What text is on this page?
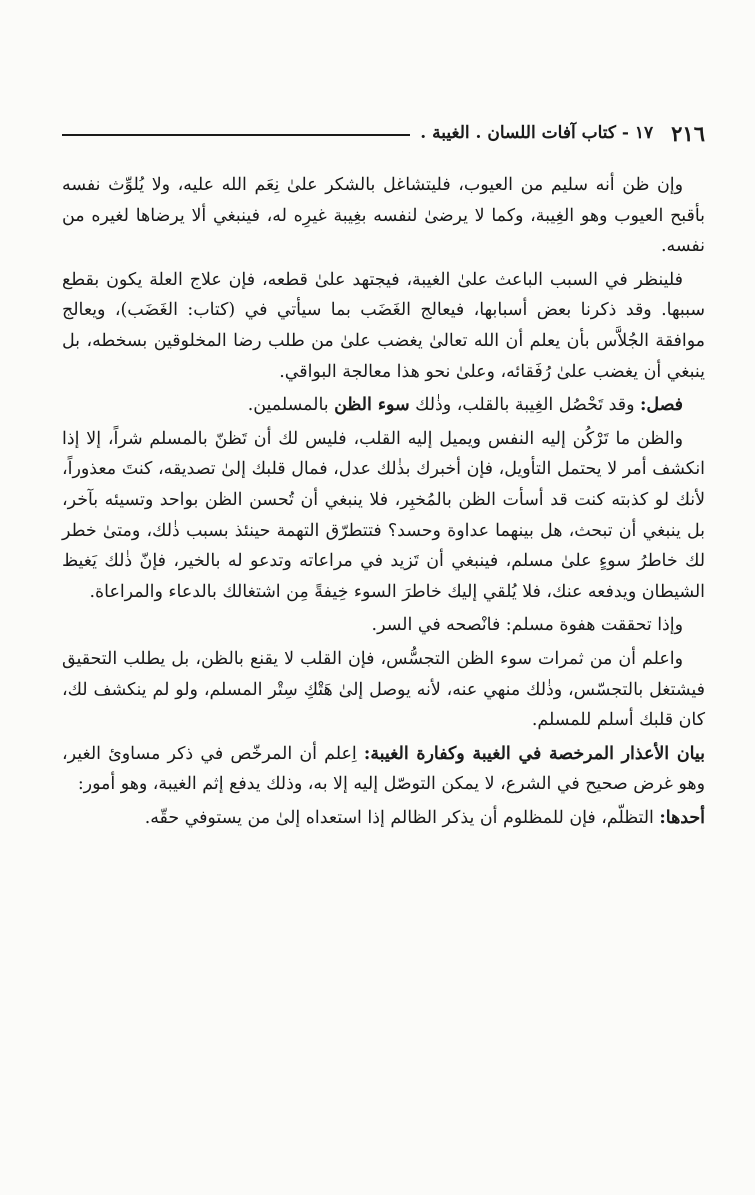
٢١٦
١٧ - كتاب آفات اللسان . الغيبة .

وإن ظن أنه سليم من العيوب، فليتشاغل بالشكر علىٰ نِعَم الله عليه، ولا يُلوِّث نفسه بأقبح العيوب وهو الغِيبة، وكما لا يرضىٰ لنفسه بغِيبة غيرِه له، فينبغي ألا يرضاها لغيره من نفسه.

فلينظر في السبب الباعث علىٰ الغيبة، فيجتهد علىٰ قطعه، فإن علاج العلة يكون بقطع سببها. وقد ذكرنا بعض أسبابها، فيعالج الغَضَب بما سيأتي في (كتاب: الغَضَب)، ويعالج موافقة الجُلاَّس بأن يعلم أن الله تعالىٰ يغضب علىٰ من طلب رضا المخلوقين بسخطه، بل ينبغي أن يغضب علىٰ رُفَقائه، وعلىٰ نحو هذا معالجة البواقي.

فصل: وقد تَحْصُل الغِيبة بالقلب، وذٰلك سوء الظن بالمسلمين.

والظن ما تَرْكُن إليه النفس ويميل إليه القلب، فليس لك أن تَظنّ بالمسلم شراً، إلا إذا انكشف أمر لا يحتمل التأويل، فإن أخبرك بذٰلك عدل، فمال قلبك إلىٰ تصديقه، كنتَ معذوراً، لأنك لو كذبته كنت قد أسأت الظن بالمُخبِر، فلا ينبغي أن تُحسن الظن بواحد وتسيئه بآخر، بل ينبغي أن تبحث، هل بينهما عداوة وحسد؟ فتتطرّق التهمة حينئذ بسبب ذٰلك، ومتىٰ خطر لك خاطرُ سوءٍ علىٰ مسلم، فينبغي أن تَزيد في مراعاته وتدعو له بالخير، فإنّ ذٰلك يَغيظ الشيطان ويدفعه عنك، فلا يُلقي إليك خاطرَ السوء خِيفةً مِن اشتغالك بالدعاء والمراعاة.

وإذا تحققت هفوة مسلم: فانْصحه في السر.

واعلم أن من ثمرات سوء الظن التجسُّس، فإن القلب لا يقنع بالظن، بل يطلب التحقيق فيشتغل بالتجسّس، وذٰلك منهي عنه، لأنه يوصل إلىٰ هَتْكِ سِتْر المسلم، ولو لم ينكشف لك، كان قلبك أسلم للمسلم.

بيان الأعذار المرخصة في الغيبة وكفارة الغيبة: اِعلم أن المرخّص في ذكر مساوئ الغير، وهو غرض صحيح في الشرع، لا يمكن التوصّل إليه إلا به، وذلك يدفع إثم الغيبة، وهو أمور:

أحدها: التظلّم، فإن للمظلوم أن يذكر الظالم إذا استعداه إلىٰ من يستوفي حقّه.
